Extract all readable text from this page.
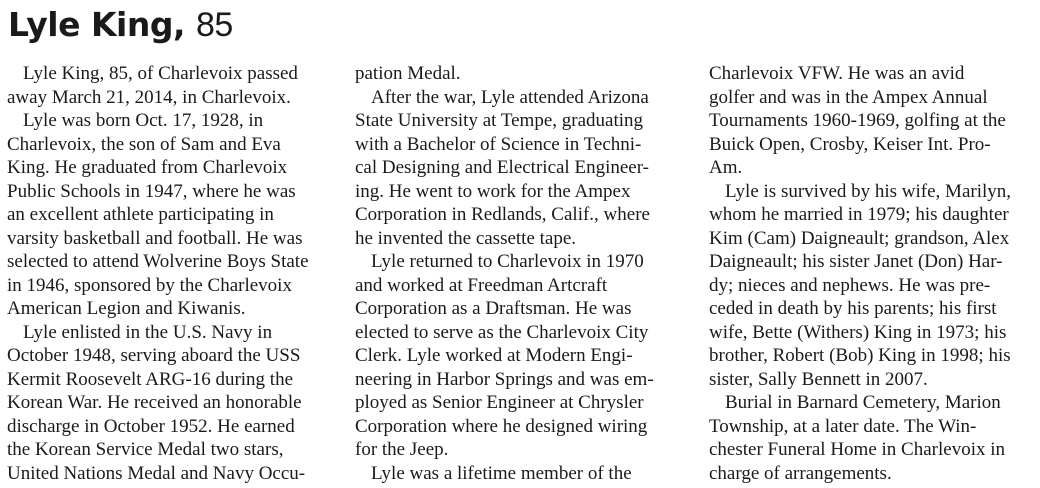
Lyle King, 85
Lyle King, 85, of Charlevoix passed
away March 21, 2014, in Charlevoix.
Lyle was born Oct. 17, 1928, in
Charlevoix, the son of Sam and Eva
King. He graduated from Charlevoix
Public Schools in 1947, where he was
an excellent athlete participating in
varsity basketball and football. He was
selected to attend Wolverine Boys State
in 1946, sponsored by the Charlevoix
American Legion and Kiwanis.
Lyle enlisted in the U.S. Navy in
October 1948, serving aboard the USS
Kermit Roosevelt ARG-16 during the
Korean War. He received an honorable
discharge in October 1952. He earned
the Korean Service Medal two stars,
United Nations Medal and Navy Occu-
pation Medal.
After the war, Lyle attended Arizona
State University at Tempe, graduating
with a Bachelor of Science in Techni-
cal Designing and Electrical Engineer-
ing. He went to work for the Ampex
Corporation in Redlands, Calif., where
he invented the cassette tape.
Lyle returned to Charlevoix in 1970
and worked at Freedman Artcraft
Corporation as a Draftsman. He was
elected to serve as the Charlevoix City
Clerk. Lyle worked at Modern Engi-
neering in Harbor Springs and was em-
ployed as Senior Engineer at Chrysler
Corporation where he designed wiring
for the Jeep.
Lyle was a lifetime member of the
Charlevoix VFW. He was an avid
golfer and was in the Ampex Annual
Tournaments 1960-1969, golfing at the
Buick Open, Crosby, Keiser Int. Pro-
Am.
Lyle is survived by his wife, Marilyn,
whom he married in 1979; his daughter
Kim (Cam) Daigneault; grandson, Alex
Daigneault; his sister Janet (Don) Har-
dy; nieces and nephews. He was pre-
ceded in death by his parents; his first
wife, Bette (Withers) King in 1973; his
brother, Robert (Bob) King in 1998; his
sister, Sally Bennett in 2007.
Burial in Barnard Cemetery, Marion
Township, at a later date. The Win-
chester Funeral Home in Charlevoix in
charge of arrangements.
